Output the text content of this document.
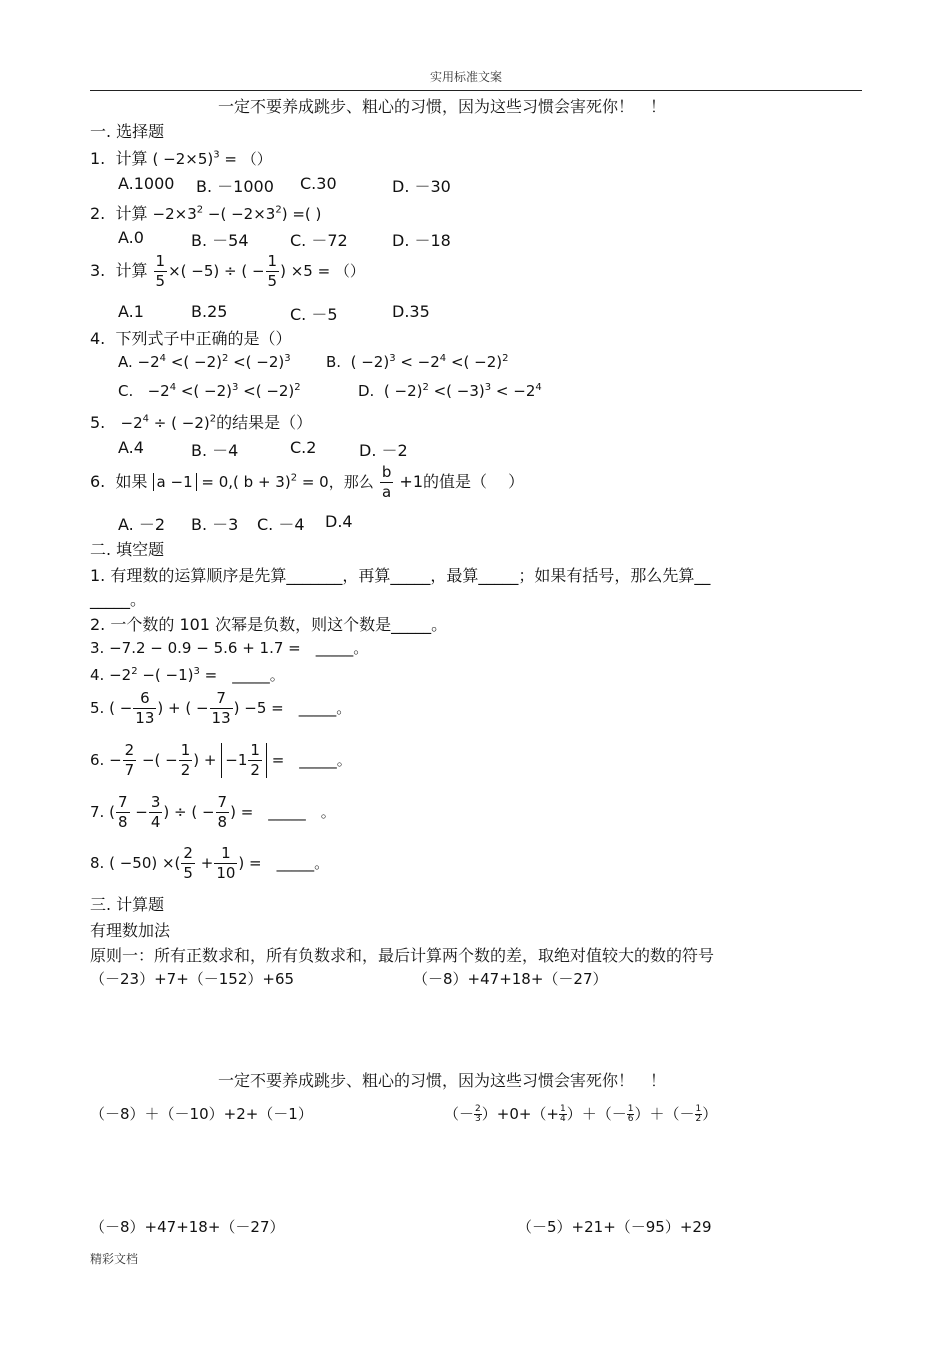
实用标准文案
一定不要养成跳步、粗心的习惯，因为这些习惯会害死你！　！
一. 选择题
1. 计算 ( −2×5)$^3$ = （）
A.1000 B. －1000 C.30	D. －30
2. 计算 $-2\times 3^2$ −( $-2\times 3^2$) =( )
A.0	B. －54	C. －72	D. －18
3. 计算 $\frac{1}{5}$ ×( −5) ÷ ( − $\frac{1}{5}$ ) ×5 = （）
A.1	B.25	C. －5	D.35
4. 下列式子中正确的是（）
A. $-2^4$ <( −2)$^2$ <( −2)$^3$ B. ( $-2)^3 < -2^4$ <( −2)$^2$
C. $-2^4$ <( −2)$^3$ <( −2)$^2$	D. ( −2)$^2$ <( $-3)^3 < -2^4$
5. $-2^4$ ÷ ( −2)$^2$的结果是（）
A.4	B. －4	C.2	D. －2
6. 如果 a −1 = 0,( b + 3)$^2$ = 0，那么 $\frac{b}{a} +1$的值是（　 ）
A. －2 B. －3 C. －4 D.4
二. 填空题
1. 有理数的运算顺序是先算_______，再算_____，最算_____；如果有括号，那么先算__
_____。
2. 一个数的 101 次幂是负数，则这个数是_____。
3. −7.2 − 0.9 − 5.6 + 1.7 =　_____。
4. $-2^2$ −( −1)$^3$ =　_____。
5. ( − $\frac{6}{13}$ ) + ( − $\frac{7}{13}$ ) −5 =　_____。
6. − $\frac{2}{7}$ −( − $\frac{1}{2}$ ) + $-1 \frac{1}{2}$ =　_____。
7. ( $\frac{7}{8} - \frac{3}{4}$ ) ÷ ( − $\frac{7}{8}$ ) =　_____　。
8. ( −50) ×( $\frac{2}{5} + \frac{1}{10}$ ) =　_____。
三. 计算题
有理数加法
原则一：所有正数求和，所有负数求和，最后计算两个数的差，取绝对值较大的数的符号
（－23）+7+（－152）+65	（－8）+47+18+（－27）
一定不要养成跳步、粗心的习惯，因为这些习惯会害死你！　！
（－8）＋（－10）+2+（－1）	（－ $\frac{2}{3} )+0+(+ \frac{1}{4}$ ）＋（－ $\frac{1}{6}$ ）＋（－ $\frac{1}{2}$ ）
（－8）+47+18+（－27）	（－5）+21+（－95）+29
精彩文档
